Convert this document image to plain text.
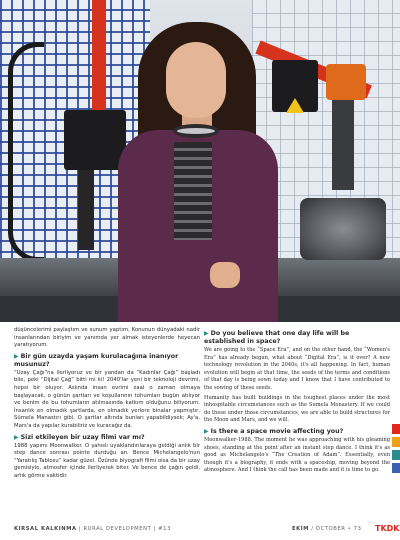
düşüncelerimi paylaştım ve sunum yaptım. Konunun dünyadaki nadir insanlarından biriyim ve yanımda yer almak isteyenlerde heyecan yaratıyorum.

▶ Bir gün uzayda yaşam kurulacağına inanıyor musunuz?

“Uzay Çağı”na ilerliyoruz ve bir yandan da “Kadınlar Çağı” başladı bile, peki “Dijital Çağ” bitti mi ki! 2040'lar yeni bir teknoloji devrimi, hepsi bir oluyor. Aslında insan evrimi zaal o zaman olmaya başlayacak, o günün şartları ve koşullarının tohumları bugün atılıyor ve benim de bu tohumların atılmasında katkım olduğunu biliyorum. İnsanlık en olmadık şartlarda, en olmadık yerlere binalar yapmıştır, Sümela Manastırı gibi. O şartlar altında bunları yapabildiysek; Ay'a, Mars'a da yapılar kurabiliriz ve kuracağız da.

▶ Sizi etkileyen bir uzay filmi var mı?

1988 yapımı Moonwalker. O şahıslı uyaklandırılaraya geldiği anlık bir step dance sonrası pointe durduğu an. Bence Michelangelo'nun “Yaratılış Tablosu” kadar güzel. Özünde biyografi filmi olsa da bir uzay gemisiyle, atmosfer içinde ilerliyerek biter. Ve bence de çağın geldi, artık görme vaktidir.

▶ Do you believe that one day life will be established in space?

We are going to the “Space Era”, and on the other hand, the “Women's Era” has already begun, what about “Digital Era”, is it over? A new technology revolution in the 2040s, it's all happening. In fact, human evolution will begin at that time, the seeds of the terms and conditions of that day is being sown today and I know that I have contributed to the sowing of these seeds.

Humanity has built buildings in the toughest places under the most inhospitable circumstances such as the Sumela Monastery. If we could do these under those circumstances, we are able to build structures for the Moon and Mars, and we will.

▶ Is there a space movie affecting you?

Moonwalker-1988. The moment he was approaching with his gleaming shoes, standing at the point after an instant step dance. I think it's as good as Michelangelo's “The Creation of Adam”. Essentially, even though it's a biography, it ends with a spaceship, moving beyond the atmosphere. And I think the call has been made and it is time to go.

KIRSAL KALKINMA | RURAL DEVELOPMENT | #13	EKİM / OCTOBER • 73 TKDK
